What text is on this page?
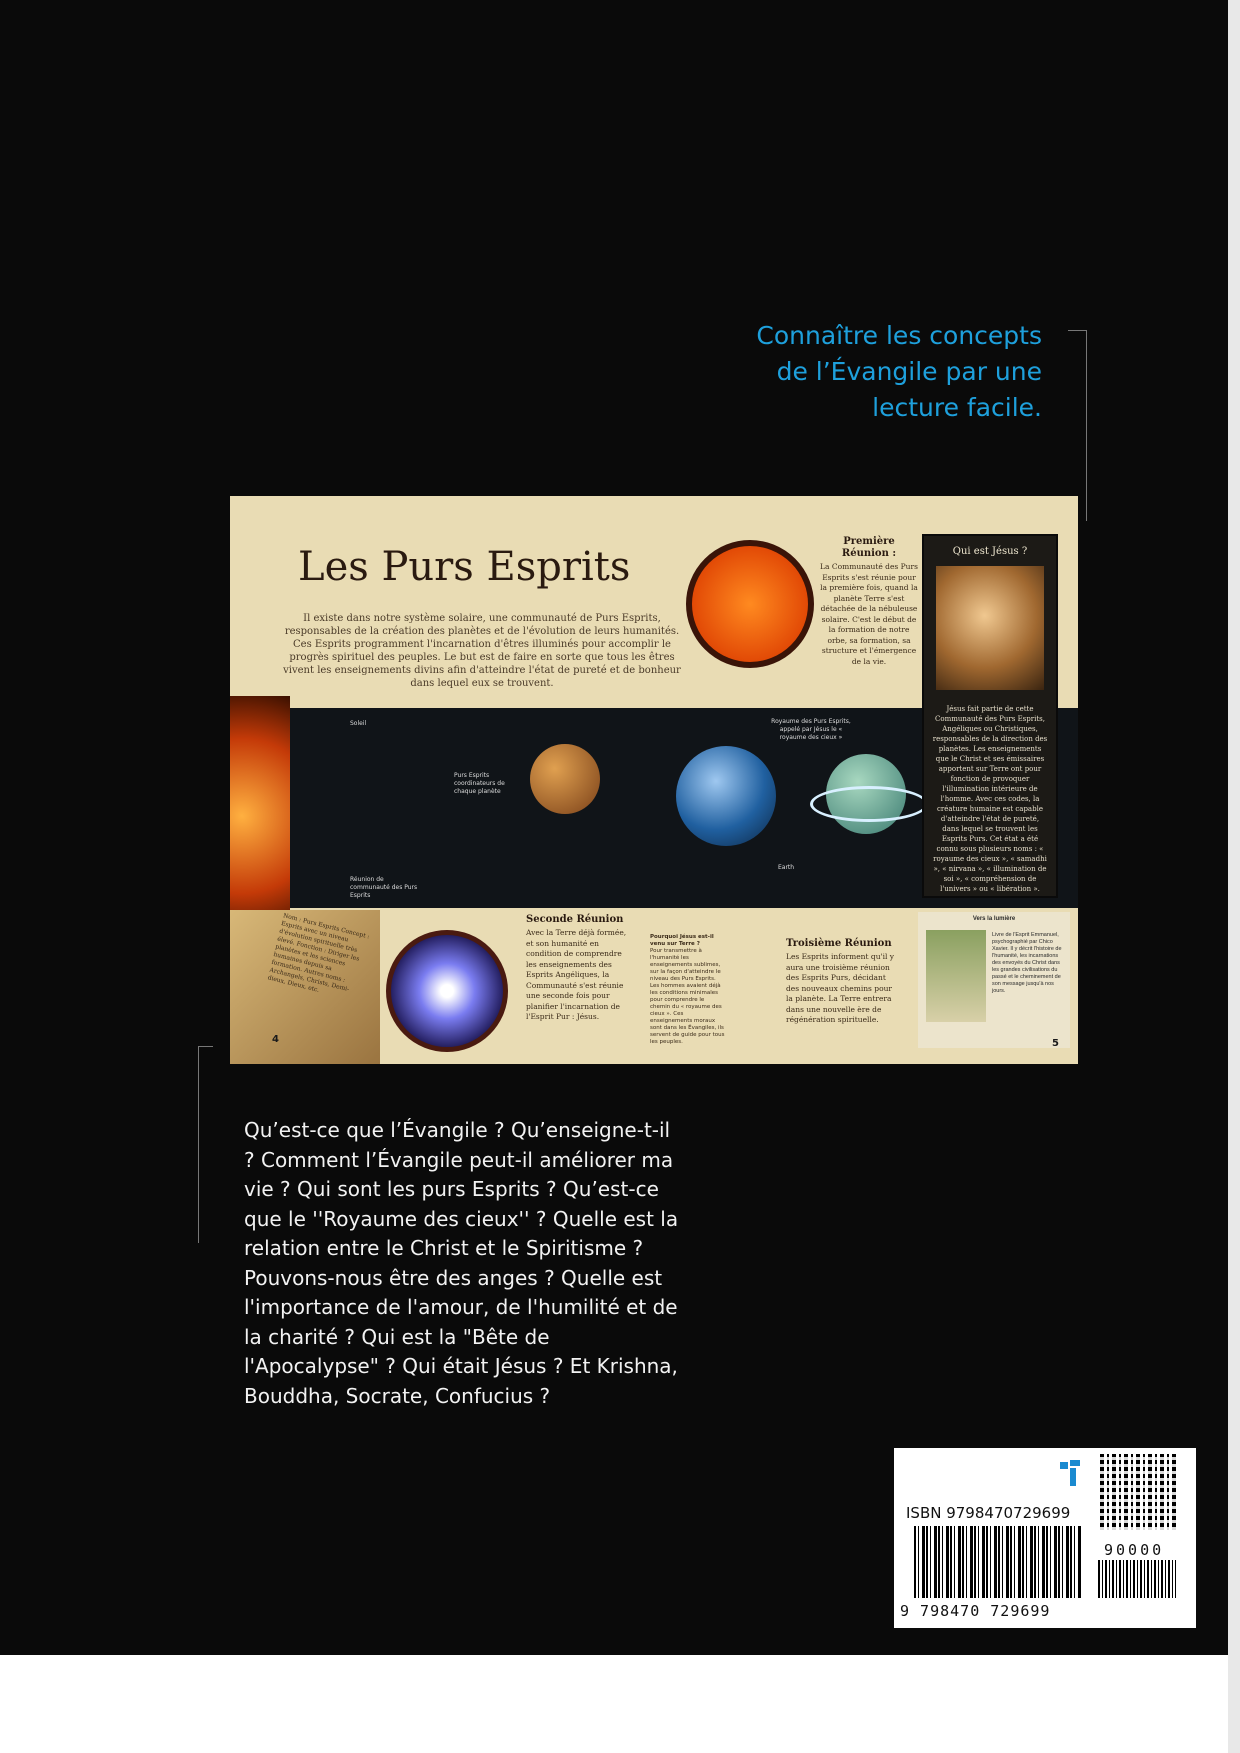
Connaître les concepts de l’Évangile par une lecture facile.
Les Purs Esprits
Il existe dans notre système solaire, une communauté de Purs Esprits, responsables de la création des planètes et de l'évolution de leurs humanités. Ces Esprits programment l'incarnation d'êtres illuminés pour accomplir le progrès spirituel des peuples. Le but est de faire en sorte que tous les êtres vivent les enseignements divins afin d'atteindre l'état de pureté et de bonheur dans lequel eux se trouvent.
Première Réunion :
La Communauté des Purs Esprits s'est réunie pour la première fois, quand la planète Terre s'est détachée de la nébuleuse solaire. C'est le début de la formation de notre orbe, sa formation, sa structure et l'émergence de la vie.
Soleil
Purs Esprits coordinateurs de chaque planète
Royaume des Purs Esprits, appelé par Jésus le « royaume des cieux »
Réunion de communauté des Purs Esprits
Earth
Nom : Purs Esprits Concept : Esprits avec un niveau d'évolution spirituelle très élevé. Fonction : Diriger les planètes et les sciences humaines depuis sa formation. Autres noms : Archangels, Christs, Demi-dieux, Dieux, etc.
4
Seconde Réunion
Avec la Terre déjà formée, et son humanité en condition de comprendre les enseignements des Esprits Angéliques, la Communauté s'est réunie une seconde fois pour planifier l'incarnation de l'Esprit Pur : Jésus.
Pourquoi Jésus est-il venu sur Terre ?
Pour transmettre à l'humanité les enseignements sublimes, sur la façon d'atteindre le niveau des Purs Esprits. Les hommes avaient déjà les conditions minimales pour comprendre le chemin du « royaume des cieux ». Ces enseignements moraux sont dans les Évangiles, ils servent de guide pour tous les peuples.
Troisième Réunion
Les Esprits informent qu'il y aura une troisième réunion des Esprits Purs, décidant des nouveaux chemins pour la planète. La Terre entrera dans une nouvelle ère de régénération spirituelle.
Qui est Jésus ?
Jésus fait partie de cette Communauté des Purs Esprits, Angéliques ou Christiques, responsables de la direction des planètes. Les enseignements que le Christ et ses émissaires apportent sur Terre ont pour fonction de provoquer l'illumination intérieure de l'homme. Avec ces codes, la créature humaine est capable d'atteindre l'état de pureté, dans lequel se trouvent les Esprits Purs. Cet état a été connu sous plusieurs noms : « royaume des cieux », « samadhi », « nirvana », « illumination de soi », « compréhension de l'univers » ou « libération ».
Vers la lumière
Livre de l'Esprit Emmanuel, psychographié par Chico Xavier. Il y décrit l'histoire de l'humanité, les incarnations des envoyés du Christ dans les grandes civilisations du passé et le cheminement de son message jusqu'à nos jours.
5
Qu’est-ce que l’Évangile ? Qu’enseigne-t-il ? Comment l’Évangile peut-il améliorer ma vie ? Qui sont les purs Esprits ? Qu’est-ce que le ''Royaume des cieux'' ? Quelle est la relation entre le Christ et le Spiritisme ? Pouvons-nous être des anges ? Quelle est l'importance de l'amour, de l'humilité et de la charité ? Qui est la "Bête de l'Apocalypse" ? Qui était Jésus ? Et Krishna, Bouddha, Socrate, Confucius ?
ISBN 9798470729699
90000
9 798470 729699
